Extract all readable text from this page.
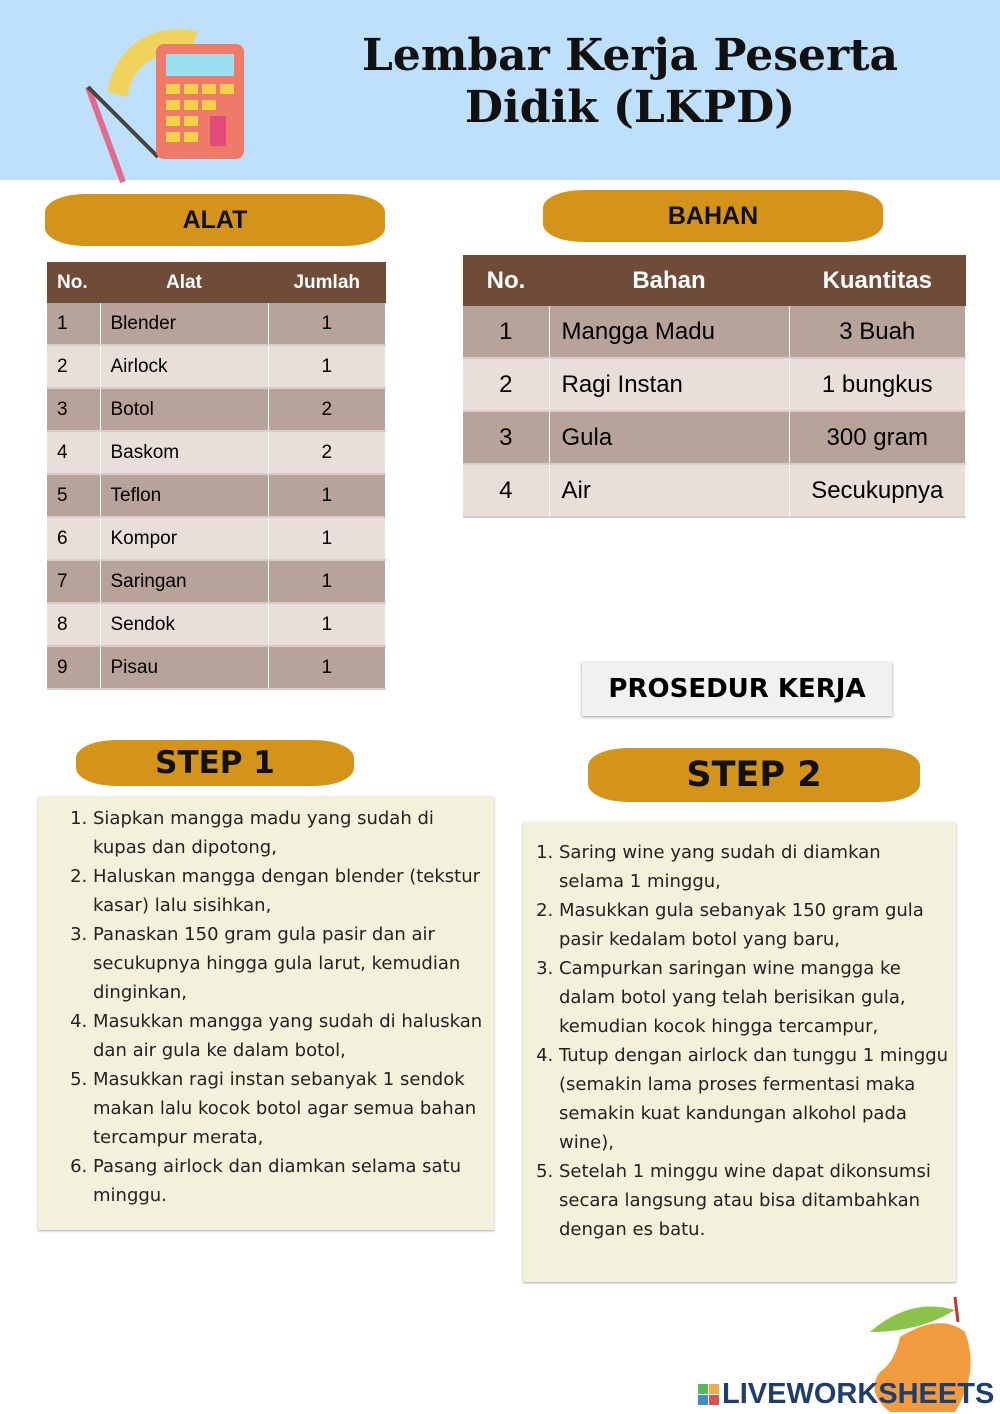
Lembar Kerja Peserta Didik (LKPD)
ALAT
No.	Alat	Jumlah
1	Blender	1
2	Airlock	1
3	Botol	2
4	Baskom	2
5	Teflon	1
6	Kompor	1
7	Saringan	1
8	Sendok	1
9	Pisau	1
BAHAN
No.	Bahan	Kuantitas
1	Mangga Madu	3 Buah
2	Ragi Instan	1 bungkus
3	Gula	300 gram
4	Air	Secukupnya
PROSEDUR KERJA
STEP 1
1. Siapkan mangga madu yang sudah di kupas dan dipotong,
2. Haluskan mangga dengan blender (tekstur kasar) lalu sisihkan,
3. Panaskan 150 gram gula pasir dan air secukupnya hingga gula larut, kemudian dinginkan,
4. Masukkan mangga yang sudah di haluskan dan air gula ke dalam botol,
5. Masukkan ragi instan sebanyak 1 sendok makan lalu kocok botol agar semua bahan tercampur merata,
6. Pasang airlock dan diamkan selama satu minggu.
STEP 2
1. Saring wine yang sudah di diamkan selama 1 minggu,
2. Masukkan gula sebanyak 150 gram gula pasir kedalam botol yang baru,
3. Campurkan saringan wine mangga ke dalam botol yang telah berisikan gula, kemudian kocok hingga tercampur,
4. Tutup dengan airlock dan tunggu 1 minggu (semakin lama proses fermentasi maka semakin kuat kandungan alkohol pada wine),
5. Setelah 1 minggu wine dapat dikonsumsi secara langsung atau bisa ditambahkan dengan es batu.
LIVEWORKSHEETS
